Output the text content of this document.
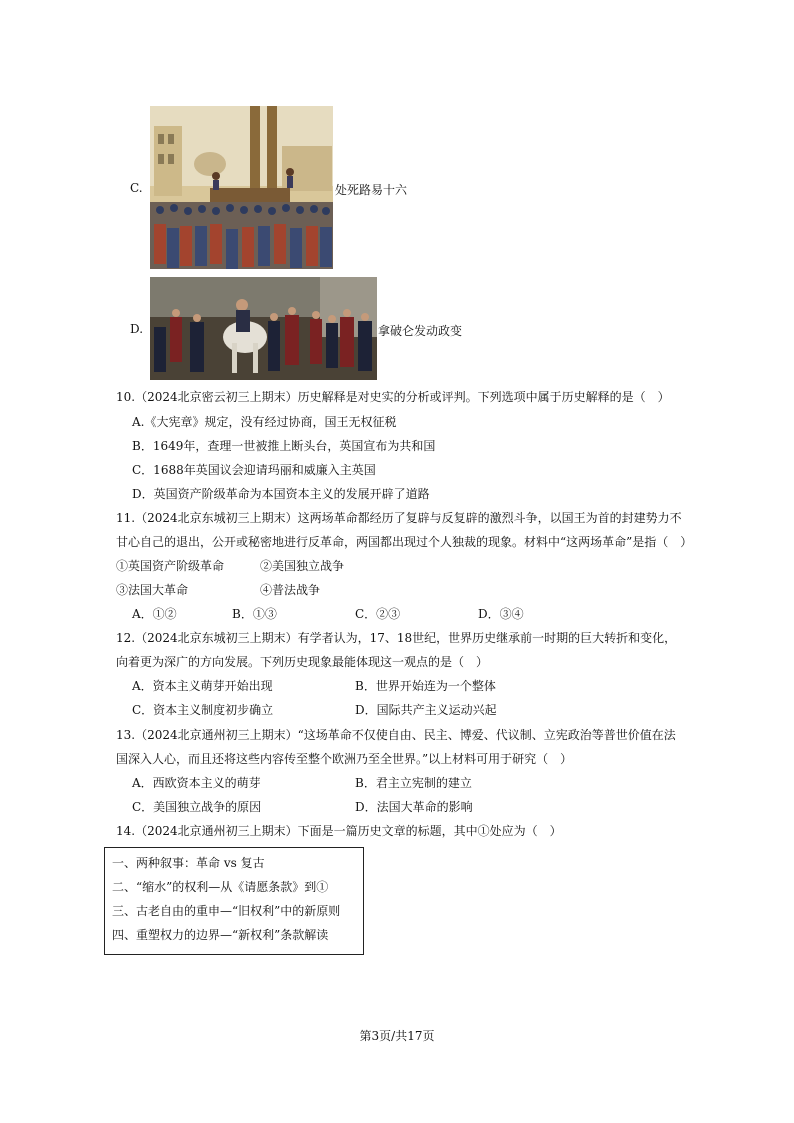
C.	处死路易十六
D.	拿破仑发动政变
10.（2024北京密云初三上期末）历史解释是对史实的分析或评判。下列选项中属于历史解释的是（　）
A.《大宪章》规定，没有经过协商，国王无权征税
B．1649年，查理一世被推上断头台，英国宣布为共和国
C．1688年英国议会迎请玛丽和威廉入主英国
D．英国资产阶级革命为本国资本主义的发展开辟了道路
11.（2024北京东城初三上期末）这两场革命都经历了复辟与反复辟的激烈斗争，以国王为首的封建势力不
甘心自己的退出，公开或秘密地进行反革命，两国都出现过个人独裁的现象。材料中“这两场革命”是指（　）
①英国资产阶级革命	②美国独立战争
③法国大革命	④普法战争
A．①②	B．①③	C．②③	D．③④
12.（2024北京东城初三上期末）有学者认为，17、18世纪，世界历史继承前一时期的巨大转折和变化，
向着更为深广的方向发展。下列历史现象最能体现这一观点的是（　）
A．资本主义萌芽开始出现	B．世界开始连为一个整体
C．资本主义制度初步确立	D．国际共产主义运动兴起
13.（2024北京通州初三上期末）“这场革命不仅使自由、民主、博爱、代议制、立宪政治等普世价值在法
国深入人心，而且还将这些内容传至整个欧洲乃至全世界。”以上材料可用于研究（　）
A．西欧资本主义的萌芽	B．君主立宪制的建立
C．美国独立战争的原因	D．法国大革命的影响
14.（2024北京通州初三上期末）下面是一篇历史文章的标题，其中①处应为（　）
一、两种叙事：革命 vs 复古
二、“缩水”的权利—从《请愿条款》到①
三、古老自由的重申—“旧权利”中的新原则
四、重塑权力的边界—“新权利”条款解读
第3页/共17页
